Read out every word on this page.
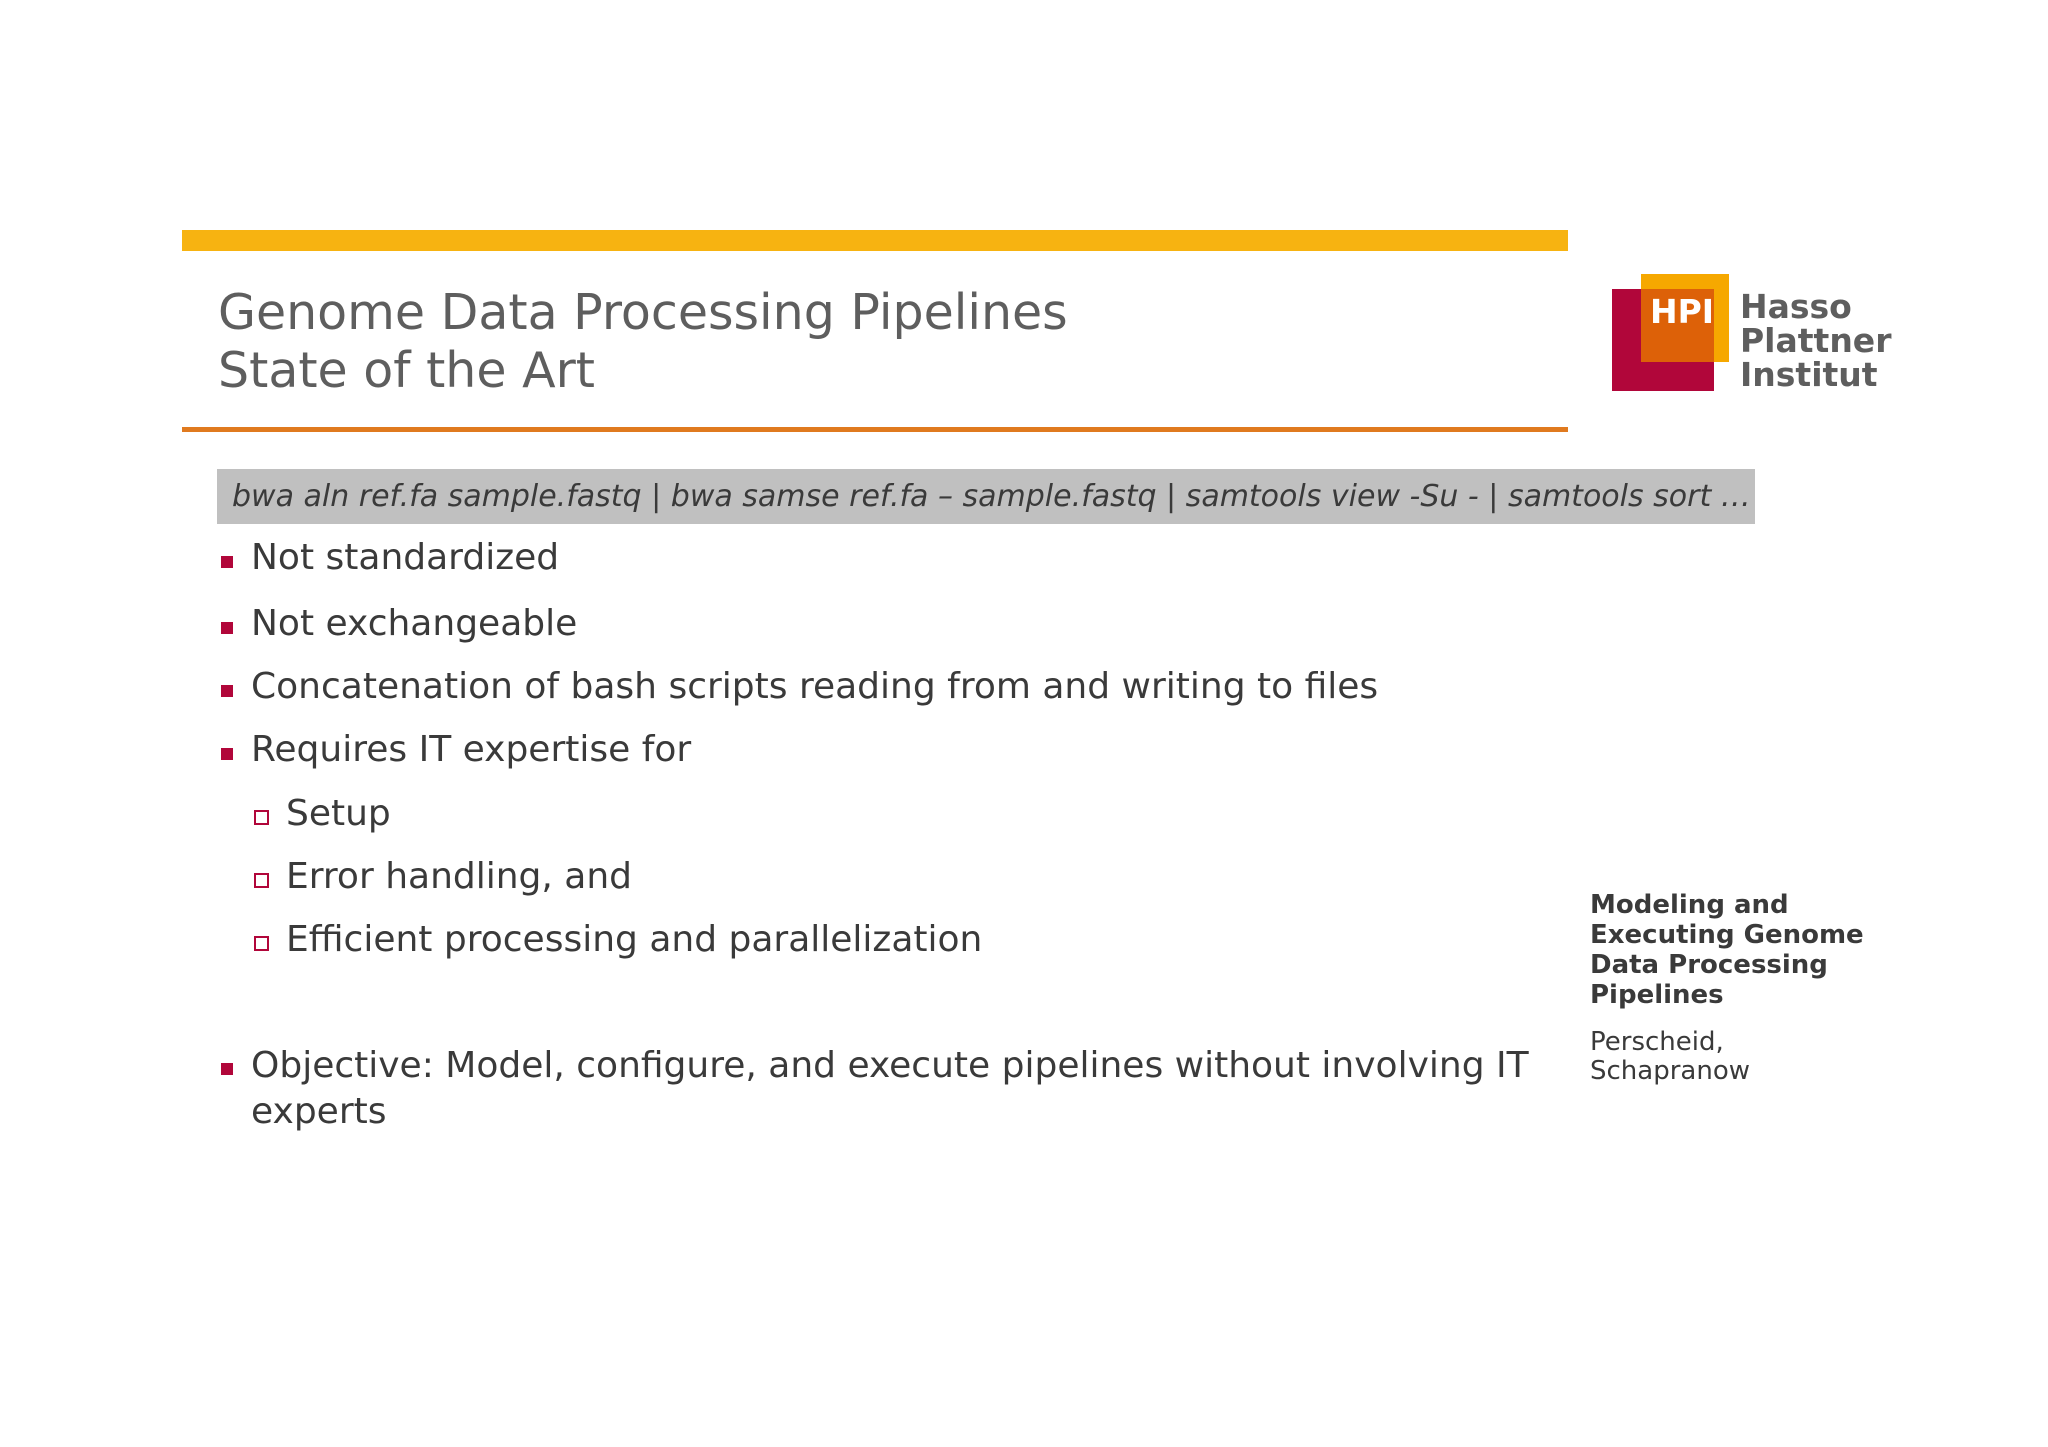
Genome Data Processing Pipelines
State of the Art
HPI Hasso
Plattner
Institut
bwa aln ref.fa sample.fastq | bwa samse ref.fa – sample.fastq | samtools view -Su - | samtools sort …
Not standardized
Not exchangeable
Concatenation of bash scripts reading from and writing to files
Requires IT expertise for
Setup
Error handling, and
Efficient processing and parallelization
Objective: Model, configure, and execute pipelines without involving IT
experts
Modeling and
Executing Genome
Data Processing
Pipelines
Perscheid,
Schapranow
